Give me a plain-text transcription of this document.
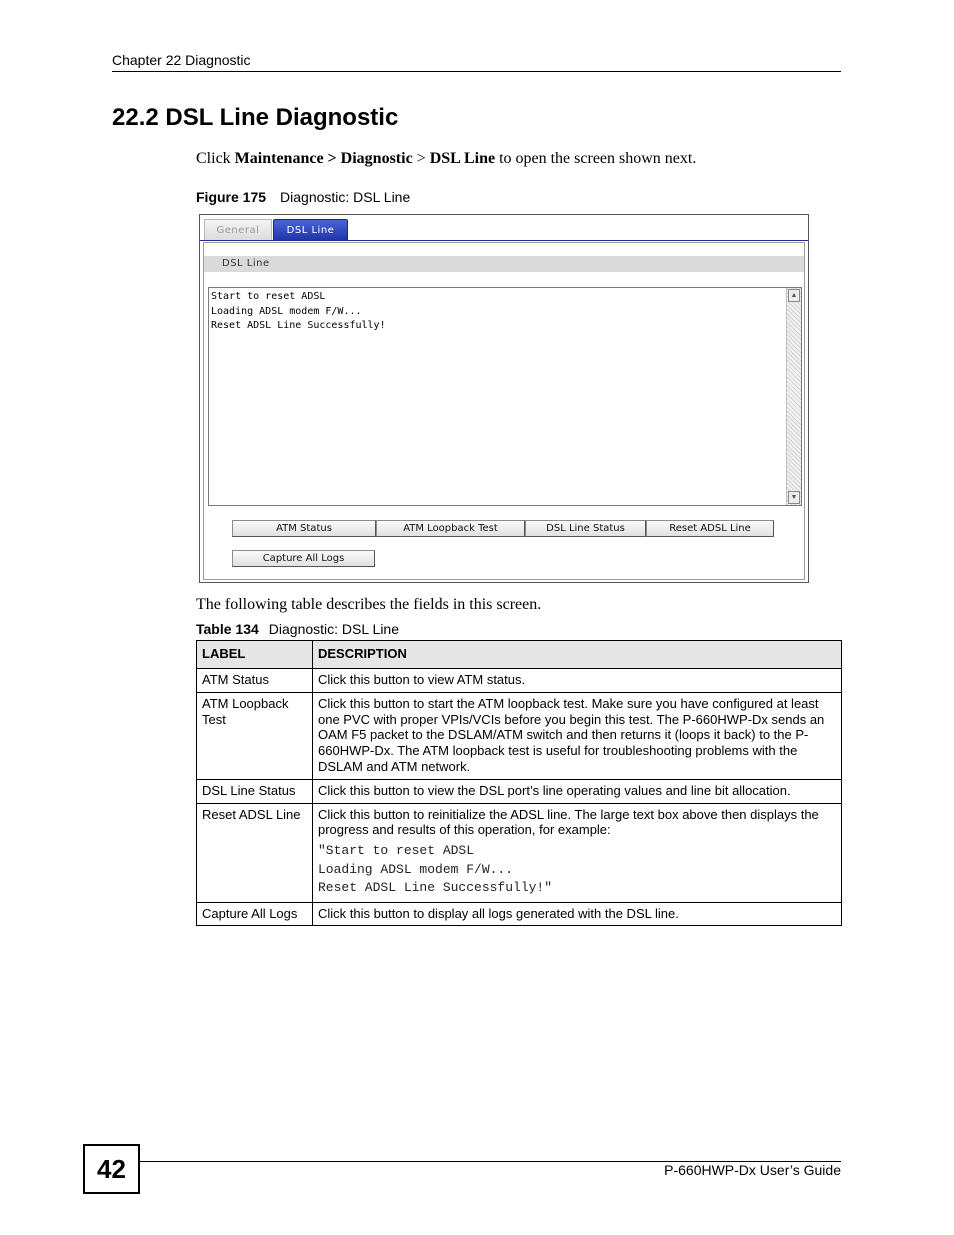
Chapter 22 Diagnostic
22.2 DSL Line Diagnostic
Click Maintenance > Diagnostic > DSL Line to open the screen shown next.
Figure 175 Diagnostic: DSL Line
General	DSL Line
DSL Line
Start to reset ADSL
Loading ADSL modem F/W...
Reset ADSL Line Successfully!
▲
▼
ATM Status	ATM Loopback Test	DSL Line Status	Reset ADSL Line
Capture All Logs
The following table describes the fields in this screen.
Table 134 Diagnostic: DSL Line
LABEL	DESCRIPTION
ATM Status	Click this button to view ATM status.
ATM Loopback Test	Click this button to start the ATM loopback test. Make sure you have configured at least one PVC with proper VPIs/VCIs before you begin this test. The P-660HWP-Dx sends an OAM F5 packet to the DSLAM/ATM switch and then returns it (loops it back) to the P-660HWP-Dx. The ATM loopback test is useful for troubleshooting problems with the DSLAM and ATM network.
DSL Line Status	Click this button to view the DSL port’s line operating values and line bit allocation.
Reset ADSL Line	Click this button to reinitialize the ADSL line. The large text box above then displays the progress and results of this operation, for example:
"Start to reset ADSL
Loading ADSL modem F/W...
Reset ADSL Line Successfully!"

Capture All Logs	Click this button to display all logs generated with the DSL line.
42	P-660HWP-Dx User’s Guide
